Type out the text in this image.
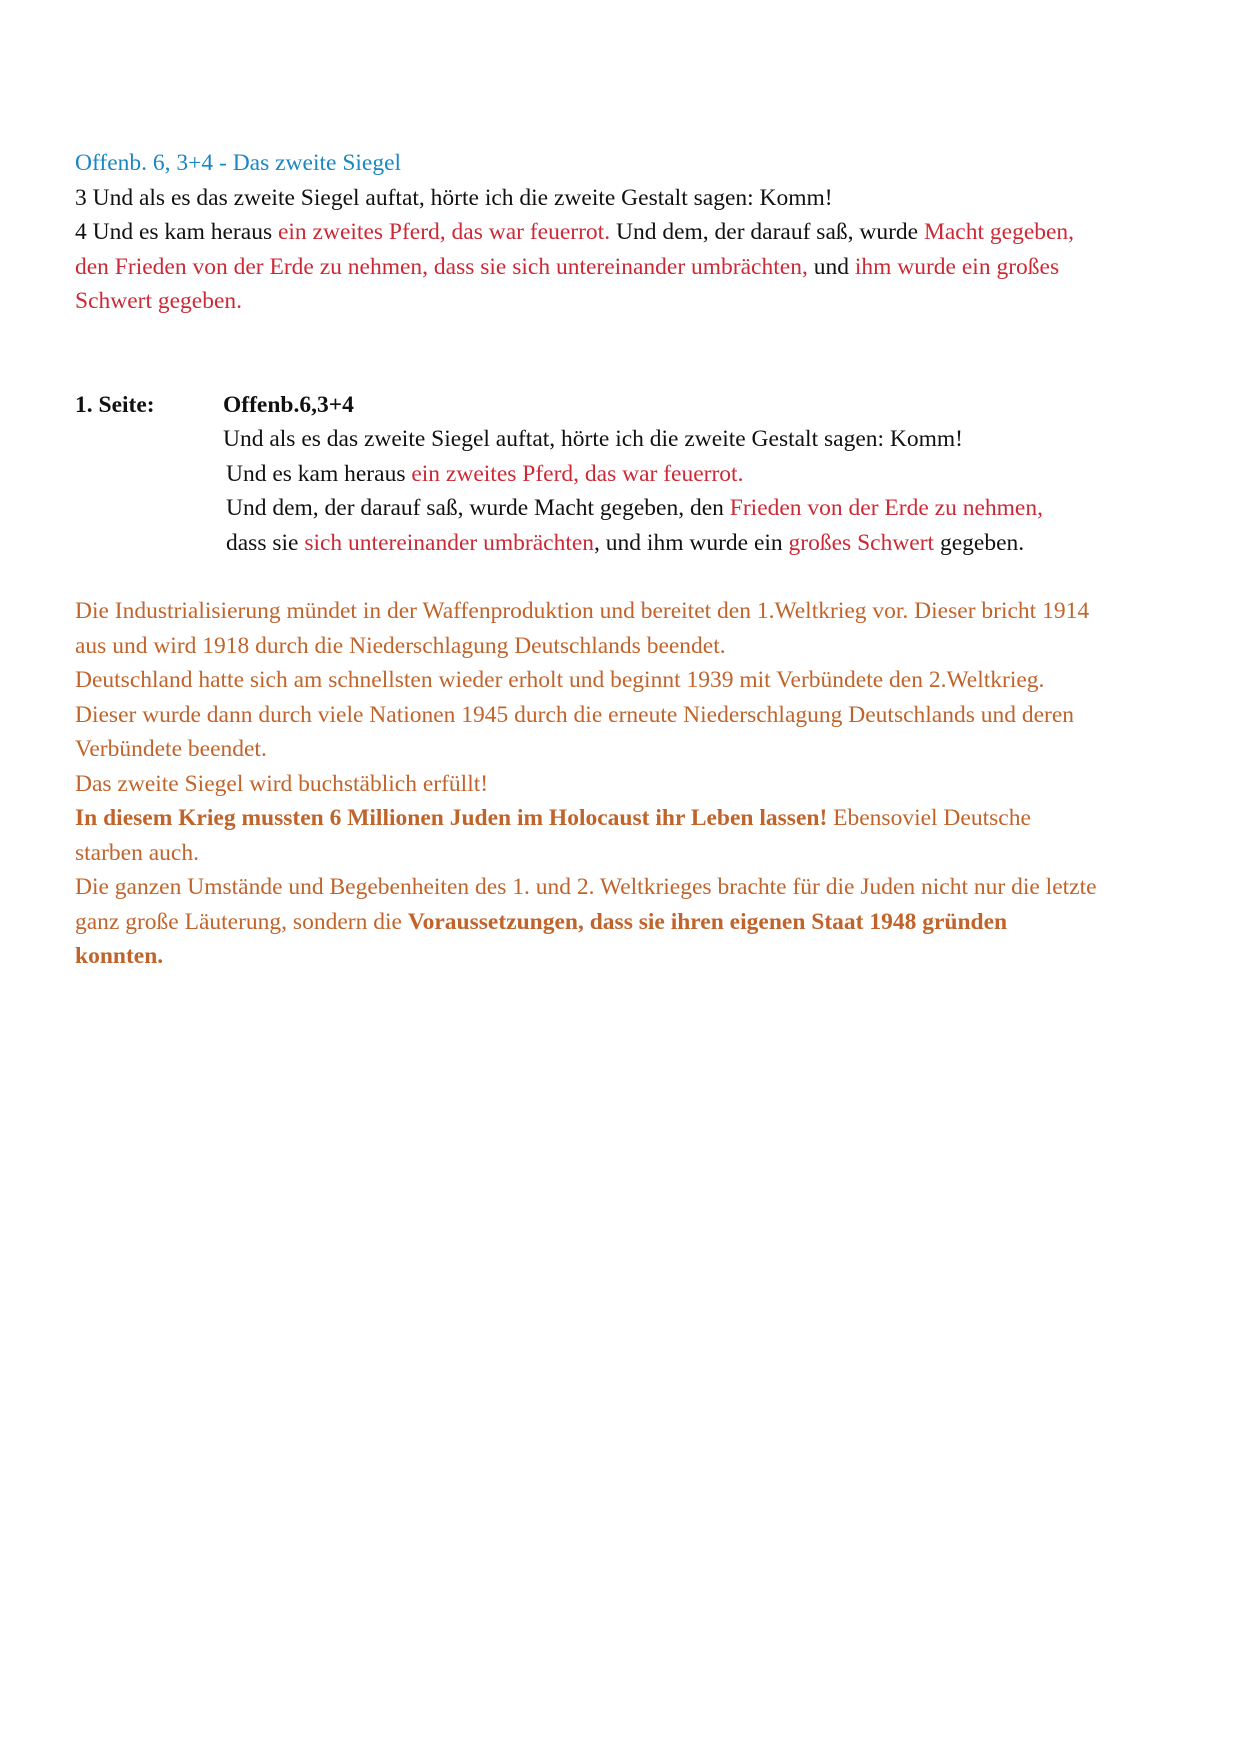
Offenb. 6, 3+4 - Das zweite Siegel
3 Und als es das zweite Siegel auftat, hörte ich die zweite Gestalt sagen: Komm!
4 Und es kam heraus ein zweites Pferd, das war feuerrot. Und dem, der darauf saß, wurde Macht gegeben,
den Frieden von der Erde zu nehmen, dass sie sich untereinander umbrächten, und ihm wurde ein großes
Schwert gegeben.
1. Seite:	Offenb.6,3+4
Und als es das zweite Siegel auftat, hörte ich die zweite Gestalt sagen: Komm!
Und es kam heraus ein zweites Pferd, das war feuerrot.
Und dem, der darauf saß, wurde Macht gegeben, den Frieden von der Erde zu nehmen,
dass sie sich untereinander umbrächten, und ihm wurde ein großes Schwert gegeben.
Die Industrialisierung mündet in der Waffenproduktion und bereitet den 1.Weltkrieg vor. Dieser bricht 1914
aus und wird 1918 durch die Niederschlagung Deutschlands beendet.
Deutschland hatte sich am schnellsten wieder erholt und beginnt 1939 mit Verbündete den 2.Weltkrieg.
Dieser wurde dann durch viele Nationen 1945 durch die erneute Niederschlagung Deutschlands und deren
Verbündete beendet.
Das zweite Siegel wird buchstäblich erfüllt!
In diesem Krieg mussten 6 Millionen Juden im Holocaust ihr Leben lassen! Ebensoviel Deutsche
starben auch.
Die ganzen Umstände und Begebenheiten des 1. und 2. Weltkrieges brachte für die Juden nicht nur die letzte
ganz große Läuterung, sondern die Voraussetzungen, dass sie ihren eigenen Staat 1948 gründen
konnten.
